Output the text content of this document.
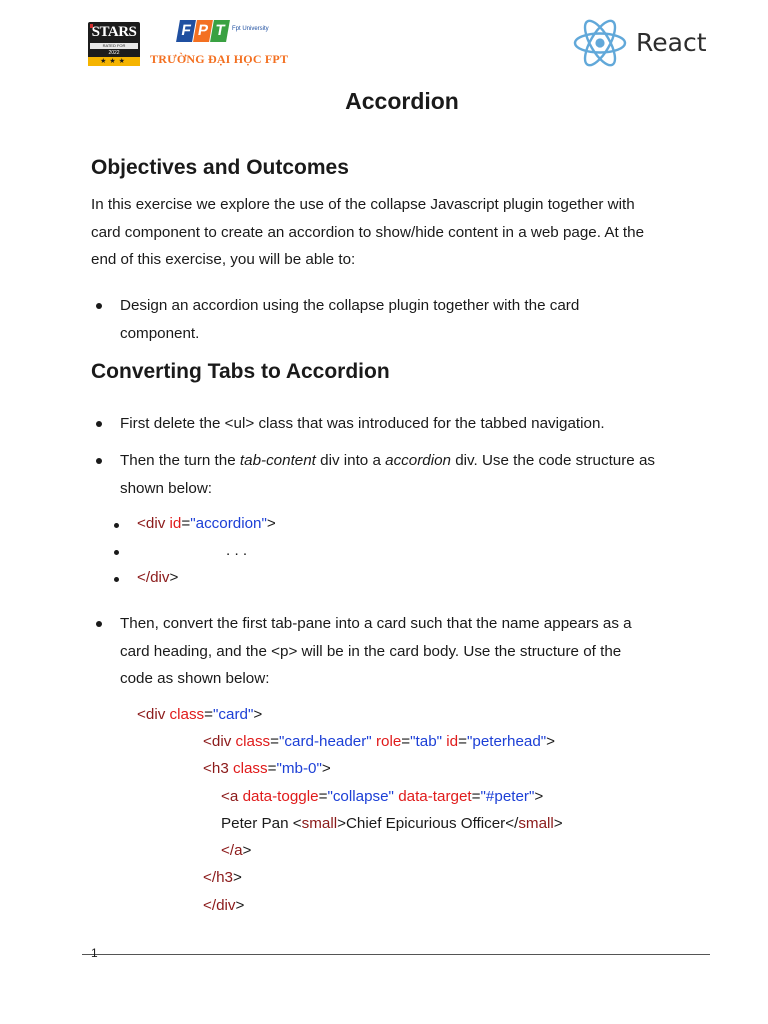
STARS
RATED FOR
2022
★★★
F P T Fpt University
TRƯỜNG ĐẠI HỌC FPT
React
Accordion
Objectives and Outcomes
In this exercise we explore the use of the collapse Javascript plugin together with
card component to create an accordion to show/hide content in a web page. At the
end of this exercise, you will be able to:
Design an accordion using the collapse plugin together with the card
component.
Converting Tabs to Accordion
First delete the <ul> class that was introduced for the tabbed navigation.
Then the turn the tab-content div into a accordion div. Use the code structure as
shown below:
<div id="accordion">
. . .
</div>
Then, convert the first tab-pane into a card such that the name appears as a
card heading, and the <p> will be in the card body. Use the structure of the
code as shown below:
<div class="card">
<div class="card-header" role="tab" id="peterhead">
<h3 class="mb-0">
<a data-toggle="collapse" data-target="#peter">
Peter Pan <small>Chief Epicurious Officer</small>
</a>
</h3>
</div>
1
